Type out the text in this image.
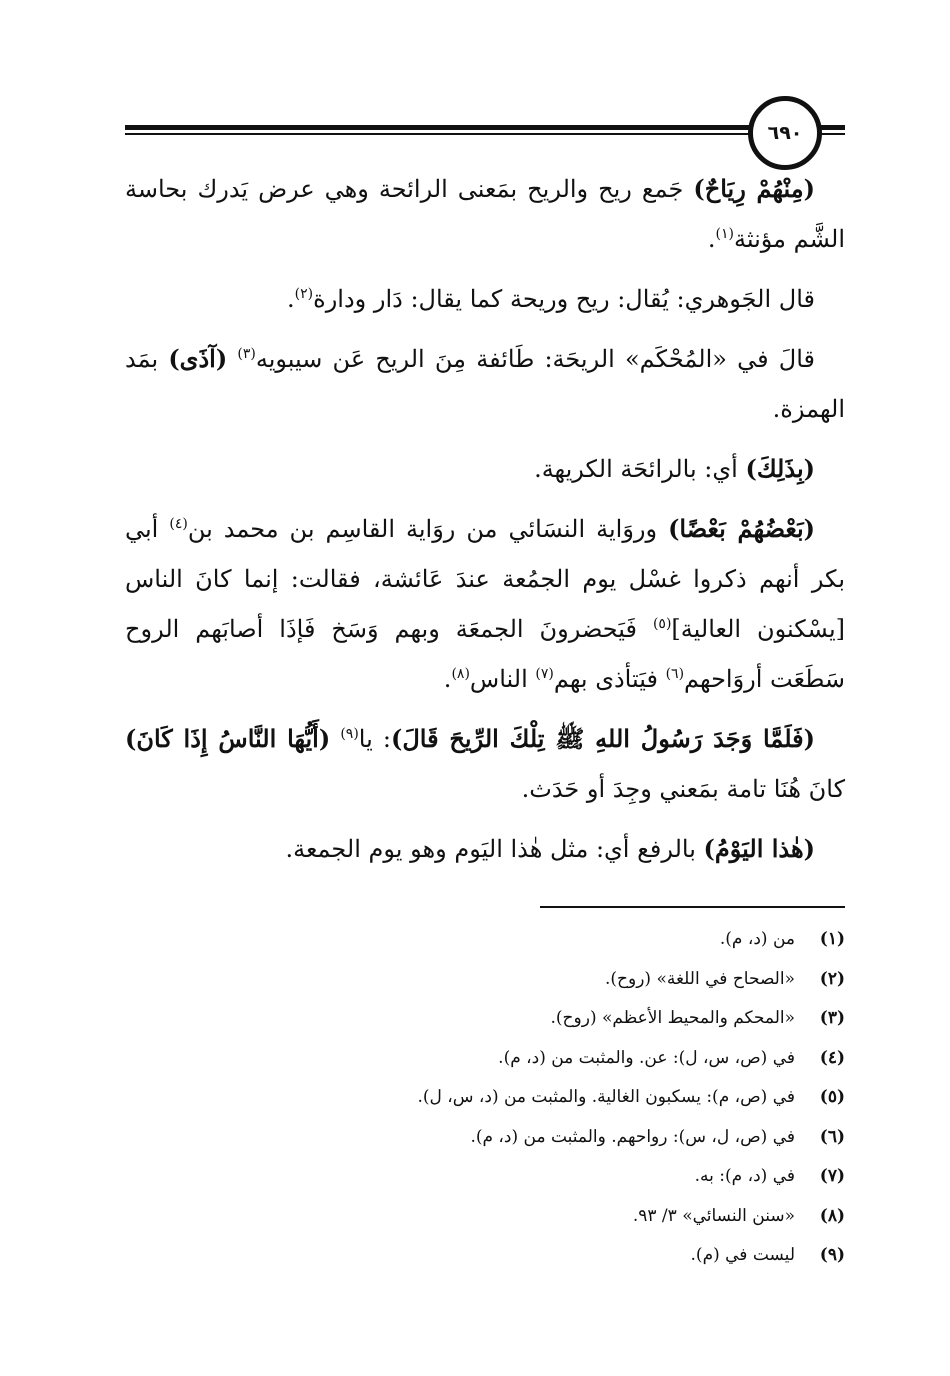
٦٩٠

(مِنْهُمْ رِيَاحٌ) جَمع ريح والريح بمَعنى الرائحة وهي عرض يَدرك بحاسة الشَّم مؤنثة$^{(١)}$.

قال الجَوهري: يُقال: ريح وريحة كما يقال: دَار ودارة$^{(٢)}$.

قالَ في «المُحْكَم» الريحَة: طَائفة مِنَ الريح عَن سيبويه$^{(٣)}$ (آذَى) بمَد الهمزة.

(بِذَلِكَ) أي: بالرائحَة الكريهة.

(بَعْضُهُمْ بَعْضًا) وروَاية النسَائي من روَاية القاسِم بن محمد بن$^{(٤)}$ أبي بكر أنهم ذكروا غسْل يوم الجمُعة عندَ عَائشة، فقالت: إنما كانَ الناس [يسْكنون العالية]$^{(٥)}$ فَيَحضرونَ الجمعَة وبهم وَسَخ فَإذَا أصابَهم الروح سَطَعَت أروَاحهم$^{(٦)}$ فيَتأذى بهم$^{(٧)}$ الناس$^{(٨)}$.

(فَلَمَّا وَجَدَ رَسُولُ اللهِ ﷺ تِلْكَ الرِّيحَ قَالَ): يا$^{(٩)}$ (أَيُّهَا النَّاسُ إِذَا كَانَ) كانَ هُنَا تامة بمَعني وجِدَ أو حَدَث.

(هٰذا اليَوْمُ) بالرفع أي: مثل هٰذا اليَوم وهو يوم الجمعة.

(١)
من (د، م).
(٢)
«الصحاح في اللغة» (روح).
(٣)
«المحكم والمحيط الأعظم» (روح).
(٤)
في (ص، س، ل): عن. والمثبت من (د، م).
(٥)
في (ص، م): يسكبون الغالية. والمثبت من (د، س، ل).
(٦)
في (ص، ل، س): رواحهم. والمثبت من (د، م).
(٧)
في (د، م): به.
(٨)
«سنن النسائي» ٣/ ٩٣.
(٩)
ليست في (م).
